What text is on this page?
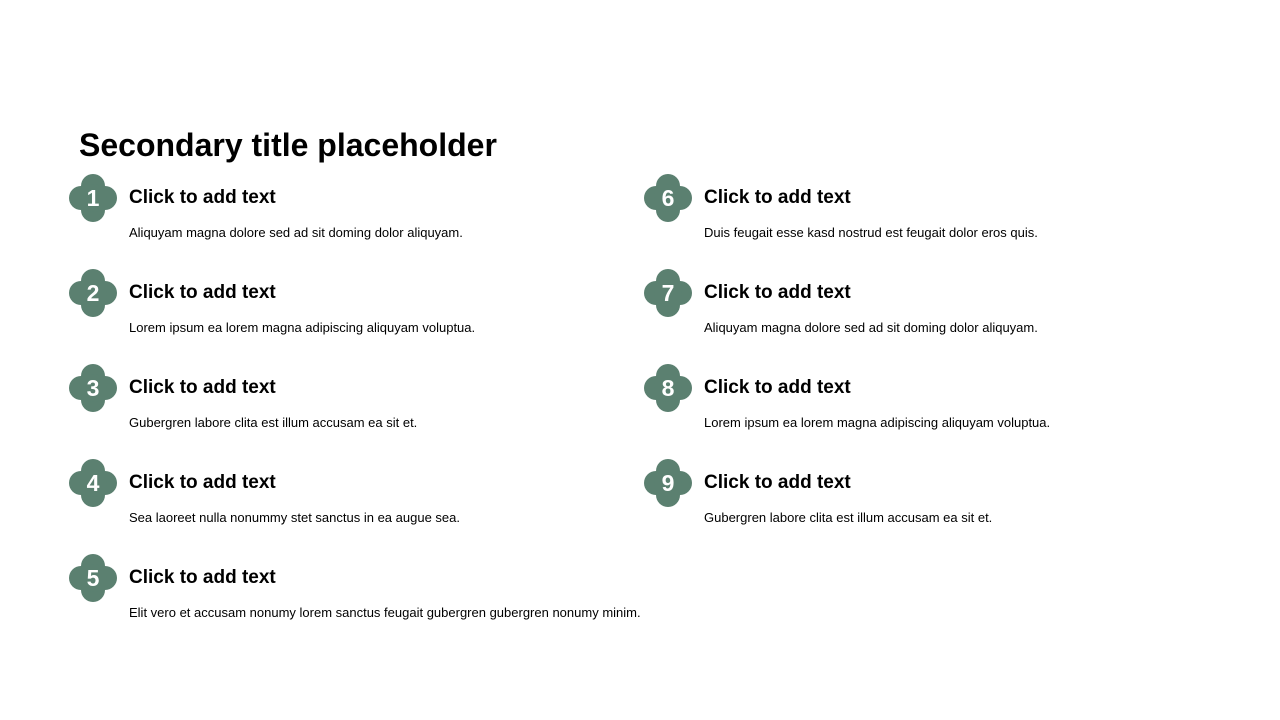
Secondary title placeholder
1	Click to add text
Aliquyam magna dolore sed ad sit doming dolor aliquyam.
2	Click to add text
Lorem ipsum ea lorem magna adipiscing aliquyam voluptua.
3	Click to add text
Gubergren labore clita est illum accusam ea sit et.
4	Click to add text
Sea laoreet nulla nonummy stet sanctus in ea augue sea.
5	Click to add text
Elit vero et accusam nonumy lorem sanctus feugait gubergren gubergren nonumy minim.
6	Click to add text
Duis feugait esse kasd nostrud est feugait dolor eros quis.
7	Click to add text
Aliquyam magna dolore sed ad sit doming dolor aliquyam.
8	Click to add text
Lorem ipsum ea lorem magna adipiscing aliquyam voluptua.
9	Click to add text
Gubergren labore clita est illum accusam ea sit et.
